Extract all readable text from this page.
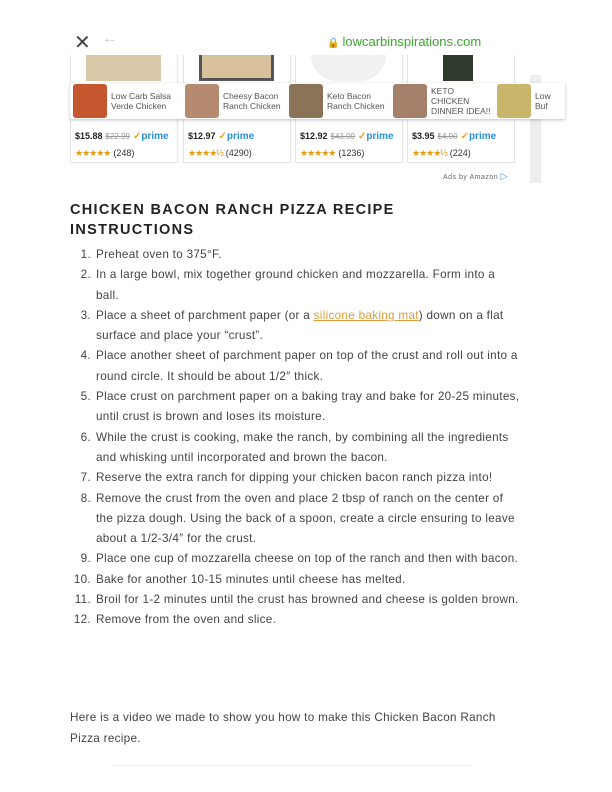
✕ ←	🔒 lowcarbinspirations.com
$15.88 $22.99 ✓prime
★★★★★ (248)
$12.97 ✓prime
★★★★½ (4290)
$12.92 $43.00 ✓prime
★★★★★ (1236)
$3.95 $4.00 ✓prime
★★★★½ (224)
Low Carb Salsa Verde Chicken
Cheesy Bacon Ranch Chicken
Keto Bacon Ranch Chicken
KETO CHICKEN DINNER IDEA!!
Low Buf
Ads by Amazon ▷
CHICKEN BACON RANCH PIZZA RECIPE INSTRUCTIONS
1. Preheat oven to 375°F.
2. In a large bowl, mix together ground chicken and mozzarella. Form into a ball.
3. Place a sheet of parchment paper (or a silicone baking mat) down on a flat surface and place your “crust”.
4. Place another sheet of parchment paper on top of the crust and roll out into a round circle. It should be about 1/2″ thick.
5. Place crust on parchment paper on a baking tray and bake for 20-25 minutes, until crust is brown and loses its moisture.
6. While the crust is cooking, make the ranch, by combining all the ingredients and whisking until incorporated and brown the bacon.
7. Reserve the extra ranch for dipping your chicken bacon ranch pizza into!
8. Remove the crust from the oven and place 2 tbsp of ranch on the center of the pizza dough. Using the back of a spoon, create a circle ensuring to leave about a 1/2-3/4″ for the crust.
9. Place one cup of mozzarella cheese on top of the ranch and then with bacon.
10. Bake for another 10-15 minutes until cheese has melted.
11. Broil for 1-2 minutes until the crust has browned and cheese is golden brown.
12. Remove from the oven and slice.

Here is a video we made to show you how to make this Chicken Bacon Ranch Pizza recipe.
